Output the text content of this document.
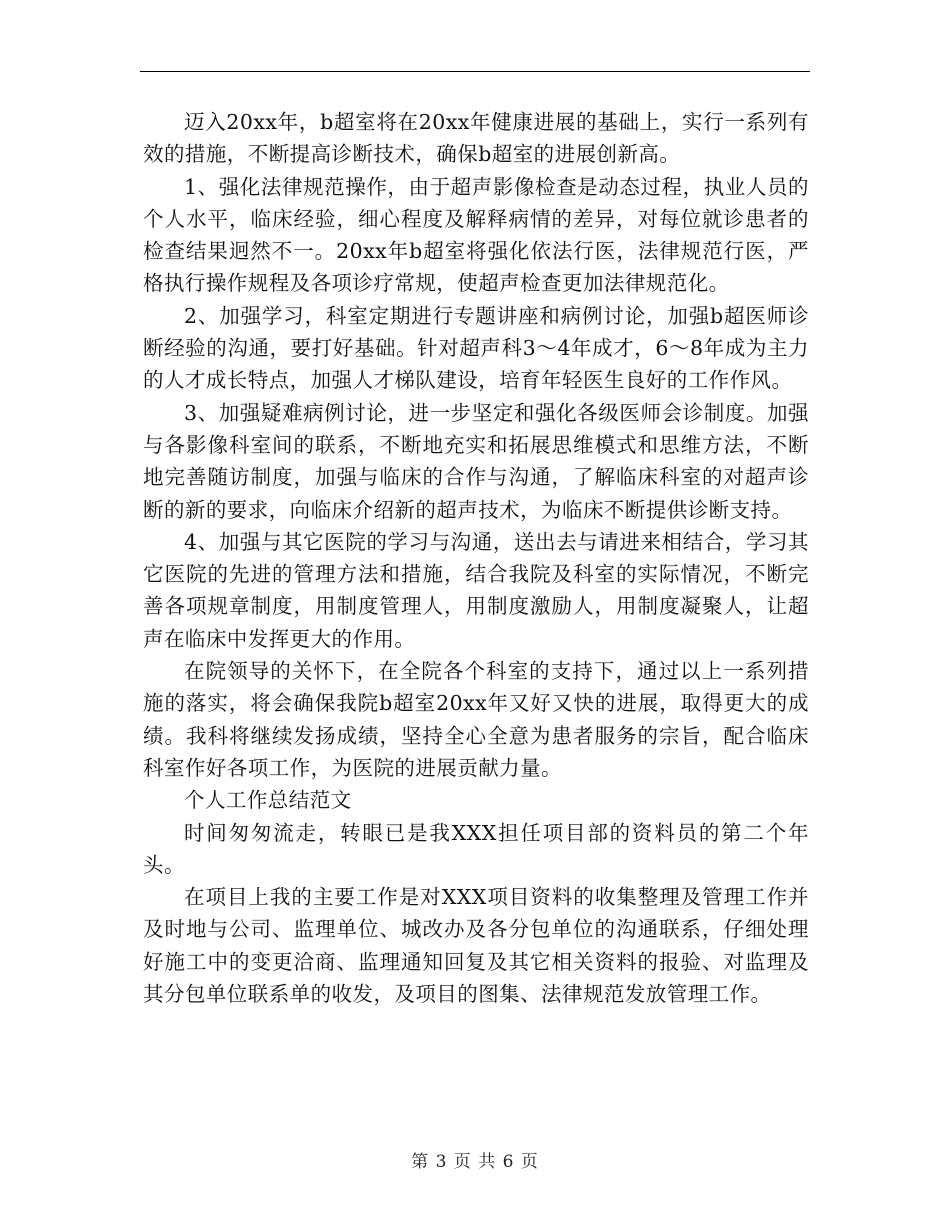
迈入20xx年，b超室将在20xx年健康进展的基础上，实行一系列有效的措施，不断提高诊断技术，确保b超室的进展创新高。

1、强化法律规范操作，由于超声影像检查是动态过程，执业人员的个人水平，临床经验，细心程度及解释病情的差异，对每位就诊患者的检查结果迥然不一。20xx年b超室将强化依法行医，法律规范行医，严格执行操作规程及各项诊疗常规，使超声检查更加法律规范化。

2、加强学习，科室定期进行专题讲座和病例讨论，加强b超医师诊断经验的沟通，要打好基础。针对超声科3～4年成才，6～8年成为主力的人才成长特点，加强人才梯队建设，培育年轻医生良好的工作作风。

3、加强疑难病例讨论，进一步坚定和强化各级医师会诊制度。加强与各影像科室间的联系，不断地充实和拓展思维模式和思维方法，不断地完善随访制度，加强与临床的合作与沟通，了解临床科室的对超声诊断的新的要求，向临床介绍新的超声技术，为临床不断提供诊断支持。

4、加强与其它医院的学习与沟通，送出去与请进来相结合，学习其它医院的先进的管理方法和措施，结合我院及科室的实际情况，不断完善各项规章制度，用制度管理人，用制度激励人，用制度凝聚人，让超声在临床中发挥更大的作用。

在院领导的关怀下，在全院各个科室的支持下，通过以上一系列措施的落实，将会确保我院b超室20xx年又好又快的进展，取得更大的成绩。我科将继续发扬成绩，坚持全心全意为患者服务的宗旨，配合临床科室作好各项工作，为医院的进展贡献力量。

个人工作总结范文

时间匆匆流走，转眼已是我XXX担任项目部的资料员的第二个年头。

在项目上我的主要工作是对XXX项目资料的收集整理及管理工作并及时地与公司、监理单位、城改办及各分包单位的沟通联系，仔细处理好施工中的变更洽商、监理通知回复及其它相关资料的报验、对监理及其分包单位联系单的收发，及项目的图集、法律规范发放管理工作。

第 3 页 共 6 页
